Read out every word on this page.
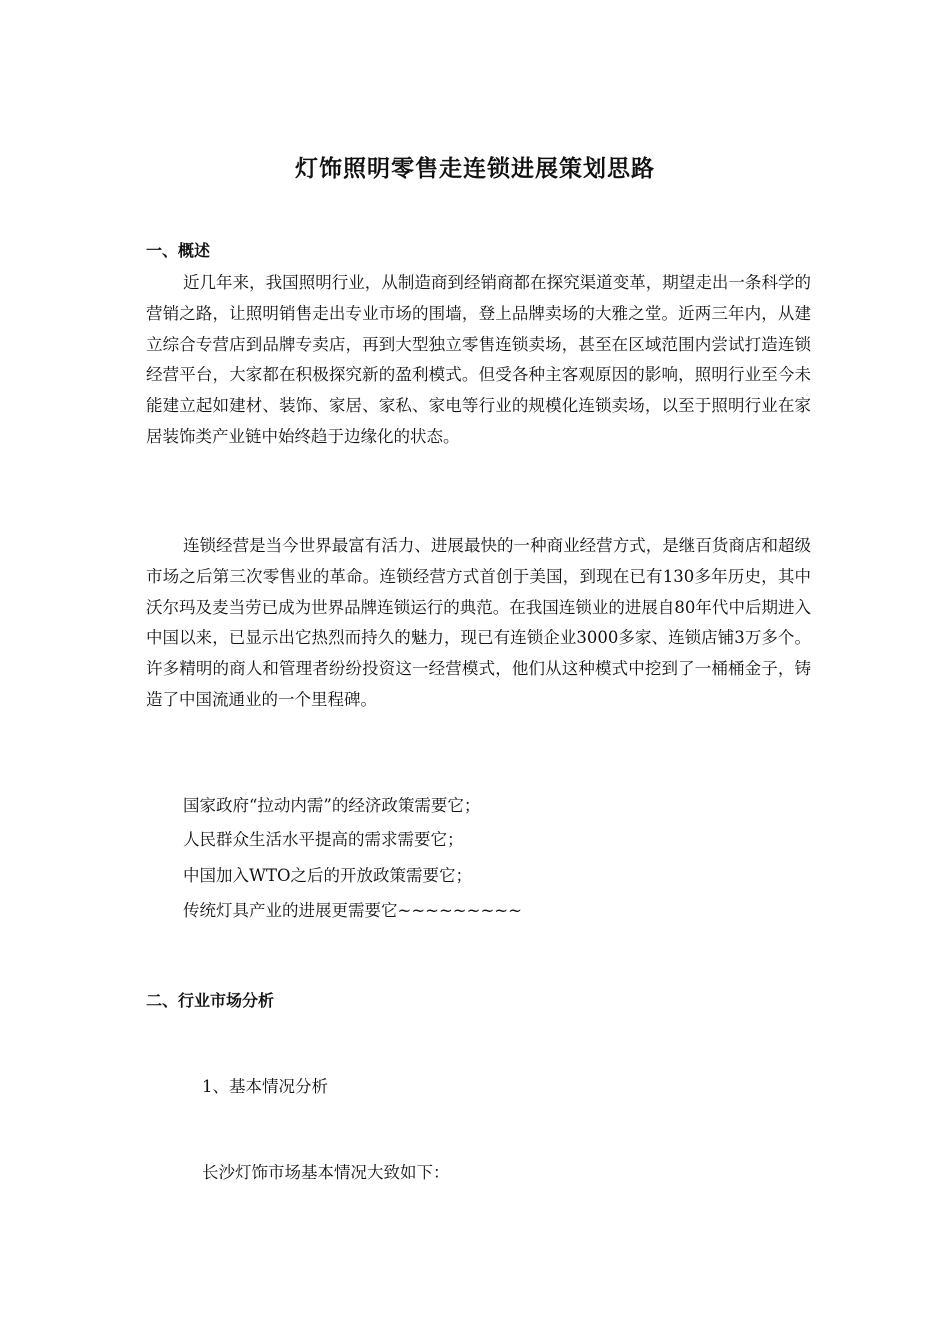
灯饰照明零售走连锁进展策划思路
一、概述

近几年来，我国照明行业，从制造商到经销商都在探究渠道变革，期望走出一条科学的营销之路，让照明销售走出专业市场的围墙，登上品牌卖场的大雅之堂。近两三年内，从建立综合专营店到品牌专卖店，再到大型独立零售连锁卖场，甚至在区域范围内尝试打造连锁经营平台，大家都在积极探究新的盈利模式。但受各种主客观原因的影响，照明行业至今未能建立起如建材、装饰、家居、家私、家电等行业的规模化连锁卖场，以至于照明行业在家居装饰类产业链中始终趋于边缘化的状态。

连锁经营是当今世界最富有活力、进展最快的一种商业经营方式，是继百货商店和超级市场之后第三次零售业的革命。连锁经营方式首创于美国，到现在已有130多年历史，其中沃尔玛及麦当劳已成为世界品牌连锁运行的典范。在我国连锁业的进展自80年代中后期进入中国以来，已显示出它热烈而持久的魅力，现已有连锁企业3000多家、连锁店铺3万多个。许多精明的商人和管理者纷纷投资这一经营模式，他们从这种模式中挖到了一桶桶金子，铸造了中国流通业的一个里程碑。

国家政府“拉动内需”的经济政策需要它；
人民群众生活水平提高的需求需要它；
中国加入WTO之后的开放政策需要它；
传统灯具产业的进展更需要它~~~~~~~~~
二、行业市场分析
1、基本情况分析
长沙灯饰市场基本情况大致如下：
